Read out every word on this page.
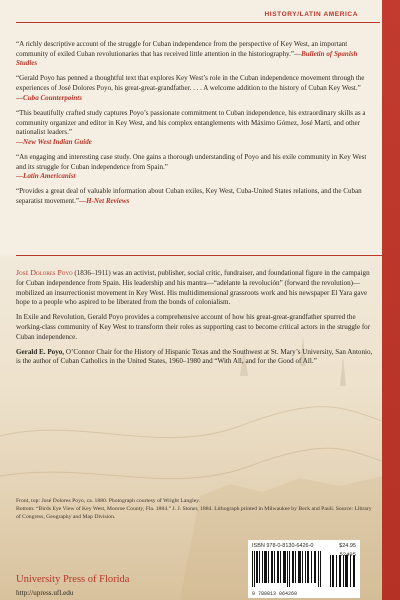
HISTORY/LATIN AMERICA

“A richly descriptive account of the struggle for Cuban independence from the perspective of Key West, an important community of exiled Cuban revolutionaries that has received little attention in the historiography.”—Bulletin of Spanish Studies

“Gerald Poyo has penned a thoughtful text that explores Key West’s role in the Cuban independence movement through the experiences of José Dolores Poyo, his great-great-grandfather. . . . A welcome addition to the history of Cuban Key West.”
—Cuba Counterpoints

“This beautifully crafted study captures Poyo’s passionate commitment to Cuban independence, his extraordinary skills as a community organizer and editor in Key West, and his complex entanglements with Máximo Gómez, José Martí, and other nationalist leaders.”
—New West Indian Guide

“An engaging and interesting case study. One gains a thorough understanding of Poyo and his exile community in Key West and its struggle for Cuban independence from Spain.”
—Latin Americanist

“Provides a great deal of valuable information about Cuban exiles, Key West, Cuba-United States relations, and the Cuban separatist movement.”—H-Net Reviews

José Dolores Poyo (1836–1911) was an activist, publisher, social critic, fundraiser, and foundational figure in the campaign for Cuban independence from Spain. His leadership and his mantra—“adelante la revolución” (forward the revolution)—mobilized an insurrectionist movement in Key West. His multidimensional grassroots work and his newspaper El Yara gave hope to a people who aspired to be liberated from the bonds of colonialism.

In Exile and Revolution, Gerald Poyo provides a comprehensive account of how his great-great-grandfather spurred the working-class community of Key West to transform their roles as supporting cast to become critical actors in the struggle for Cuban independence.

Gerald E. Poyo, O’Connor Chair for the History of Hispanic Texas and the Southwest at St. Mary’s University, San Antonio, is the author of Cuban Catholics in the United States, 1960–1980 and “With All, and for the Good of All.”

Front, top: José Dolores Poyo, ca. 1880. Photograph courtesy of Wright Langley.

Bottom: “Birds Eye View of Key West, Monroe County, Fla. 1884.” J. J. Stoner, 1884. Lithograph printed in Milwaukee by Beck and Pauli. Source: Library of Congress, Geography and Map Division.

University Press of Florida
http://upress.ufl.edu
ISBN 978-0-8130-6426-0	$24.95
52495
9 780813 064260
